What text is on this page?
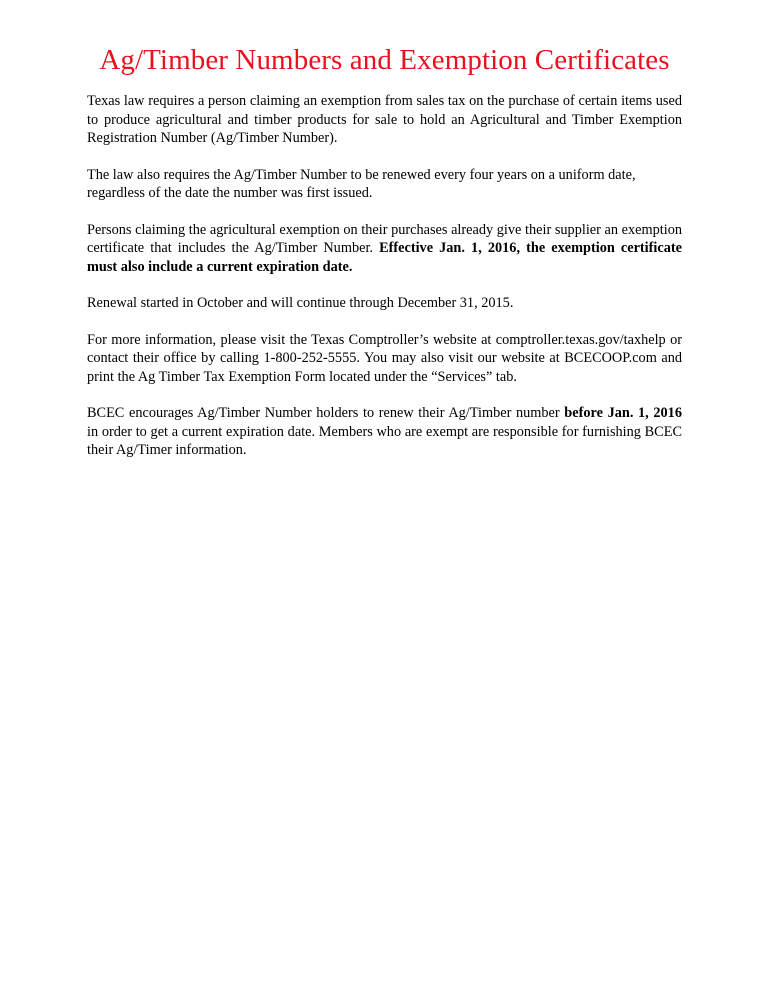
Ag/Timber Numbers and Exemption Certificates

Texas law requires a person claiming an exemption from sales tax on the purchase of certain items used to produce agricultural and timber products for sale to hold an Agricultural and Timber Exemption Registration Number (Ag/Timber Number).

The law also requires the Ag/Timber Number to be renewed every four years on a uniform date, regardless of the date the number was first issued.

Persons claiming the agricultural exemption on their purchases already give their supplier an exemption certificate that includes the Ag/Timber Number. Effective Jan. 1, 2016, the exemption certificate must also include a current expiration date.

Renewal started in October and will continue through December 31, 2015.

For more information, please visit the Texas Comptroller’s website at comptroller.texas.gov/taxhelp or contact their office by calling 1-800-252-5555. You may also visit our website at BCECOOP.com and print the Ag Timber Tax Exemption Form located under the “Services” tab.

BCEC encourages Ag/Timber Number holders to renew their Ag/Timber number before Jan. 1, 2016 in order to get a current expiration date. Members who are exempt are responsible for furnishing BCEC their Ag/Timer information.
